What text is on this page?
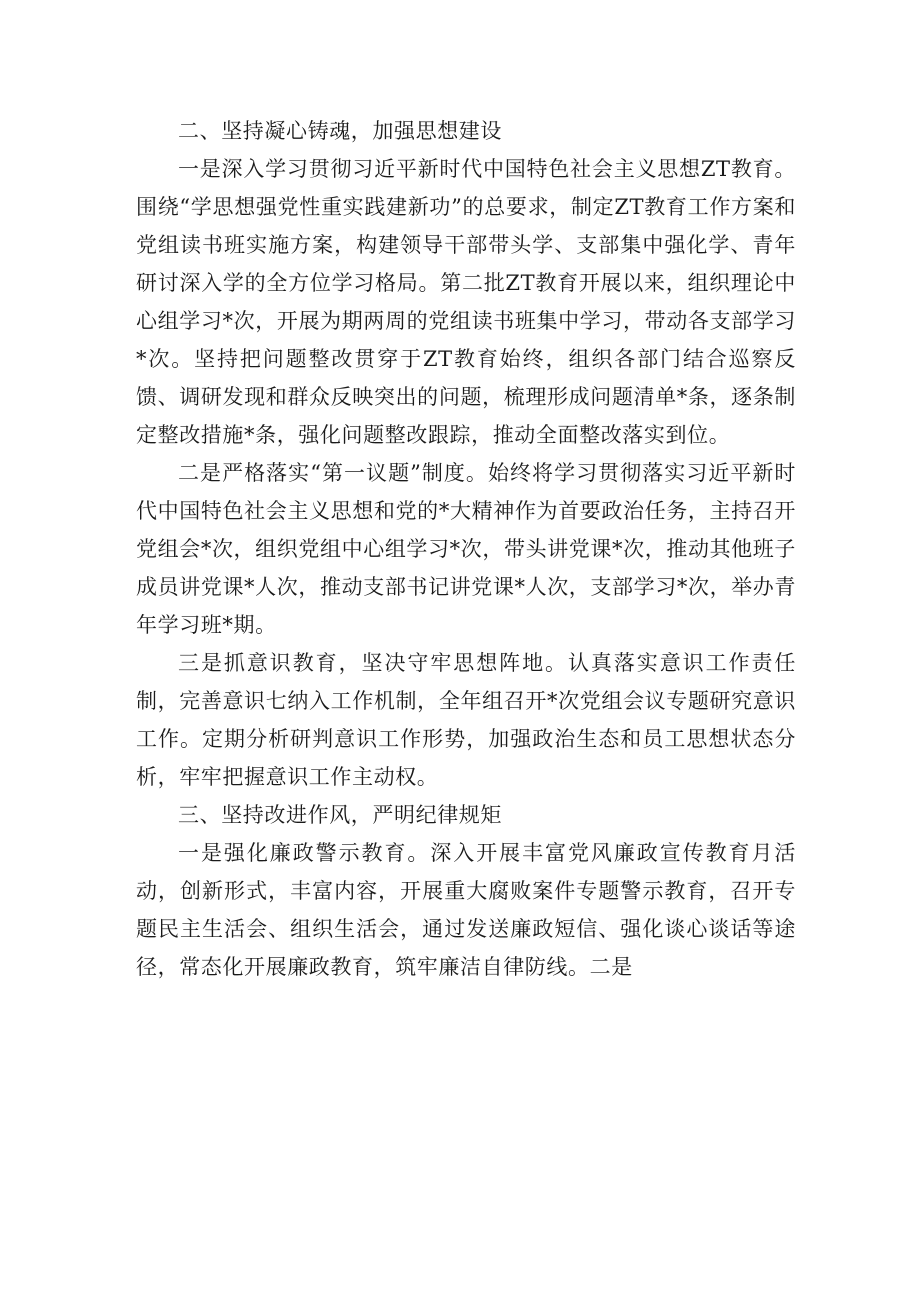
二、坚持凝心铸魂，加强思想建设

一是深入学习贯彻习近平新时代中国特色社会主义思想ZT教育。围绕“学思想强党性重实践建新功”的总要求，制定ZT教育工作方案和党组读书班实施方案，构建领导干部带头学、支部集中强化学、青年研讨深入学的全方位学习格局。第二批ZT教育开展以来，组织理论中心组学习*次，开展为期两周的党组读书班集中学习，带动各支部学习*次。坚持把问题整改贯穿于ZT教育始终，组织各部门结合巡察反馈、调研发现和群众反映突出的问题，梳理形成问题清单*条，逐条制定整改措施*条，强化问题整改跟踪，推动全面整改落实到位。

二是严格落实“第一议题”制度。始终将学习贯彻落实习近平新时代中国特色社会主义思想和党的*大精神作为首要政治任务，主持召开党组会*次，组织党组中心组学习*次，带头讲党课*次，推动其他班子成员讲党课*人次，推动支部书记讲党课*人次，支部学习*次，举办青年学习班*期。

三是抓意识教育，坚决守牢思想阵地。认真落实意识工作责任制，完善意识七纳入工作机制，全年组召开*次党组会议专题研究意识工作。定期分析研判意识工作形势，加强政治生态和员工思想状态分析，牢牢把握意识工作主动权。

三、坚持改进作风，严明纪律规矩

一是强化廉政警示教育。深入开展丰富党风廉政宣传教育月活动，创新形式，丰富内容，开展重大腐败案件专题警示教育，召开专题民主生活会、组织生活会，通过发送廉政短信、强化谈心谈话等途径，常态化开展廉政教育，筑牢廉洁自律防线。二是
